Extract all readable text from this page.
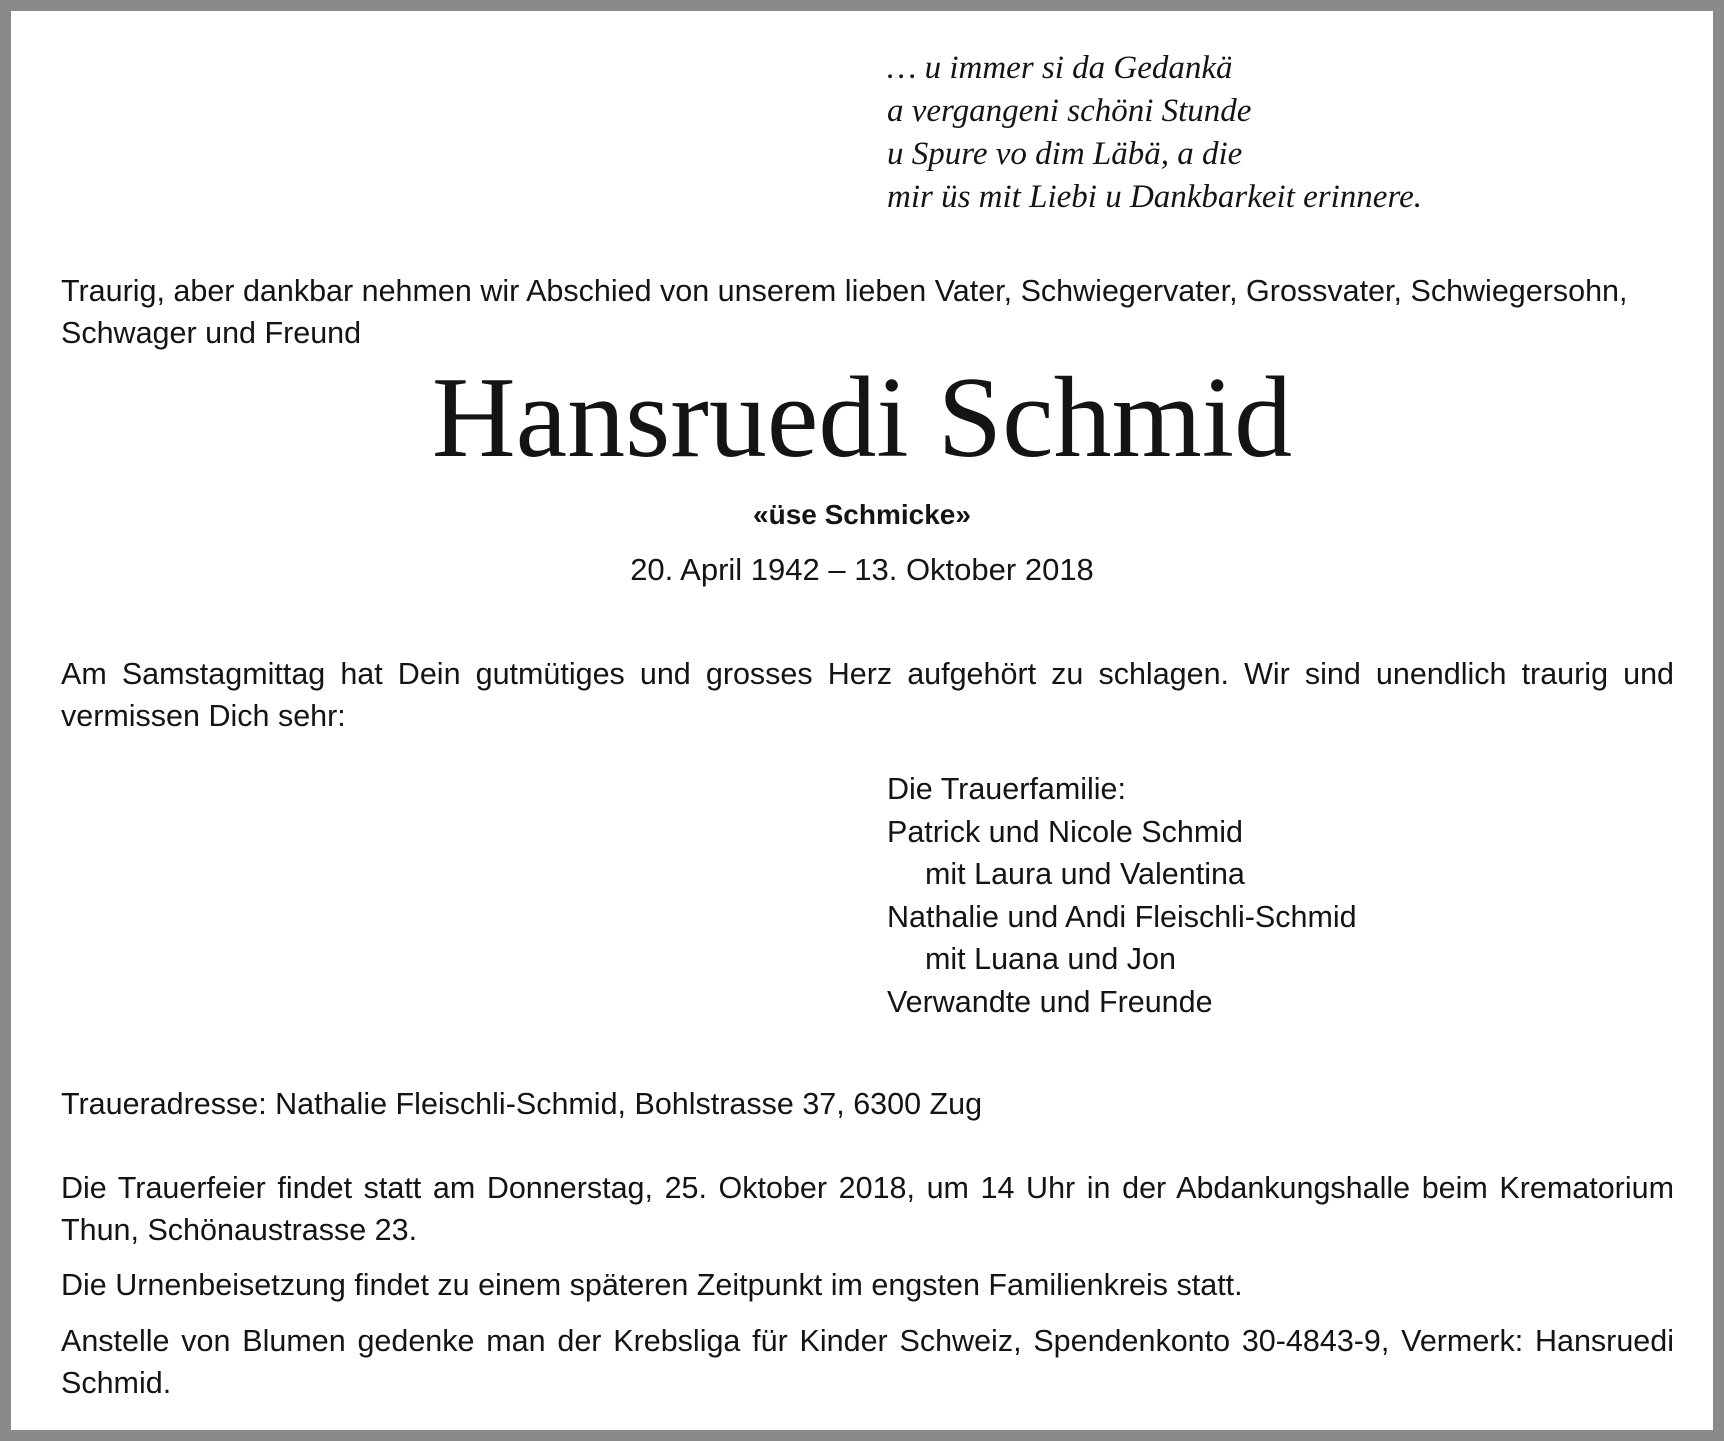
… u immer si da Gedankä
a vergangeni schöni Stunde
u Spure vo dim Läbä, a die
mir üs mit Liebi u Dankbarkeit erinnere.
Traurig, aber dankbar nehmen wir Abschied von unserem lieben Vater, Schwiegervater, Grossvater, Schwiegersohn, Schwager und Freund
Hansruedi Schmid
«üse Schmicke»
20. April 1942 – 13. Oktober 2018
Am Samstagmittag hat Dein gutmütiges und grosses Herz aufgehört zu schlagen. Wir sind unendlich traurig und vermissen Dich sehr:
Die Trauerfamilie:
Patrick und Nicole Schmid
mit Laura und Valentina
Nathalie und Andi Fleischli-Schmid
mit Luana und Jon
Verwandte und Freunde
Traueradresse: Nathalie Fleischli-Schmid, Bohlstrasse 37, 6300 Zug
Die Trauerfeier findet statt am Donnerstag, 25. Oktober 2018, um 14 Uhr in der Abdankungshalle beim Krematorium Thun, Schönaustrasse 23.
Die Urnenbeisetzung findet zu einem späteren Zeitpunkt im engsten Familienkreis statt.
Anstelle von Blumen gedenke man der Krebsliga für Kinder Schweiz, Spendenkonto 30-4843-9, Vermerk: Hansruedi Schmid.
